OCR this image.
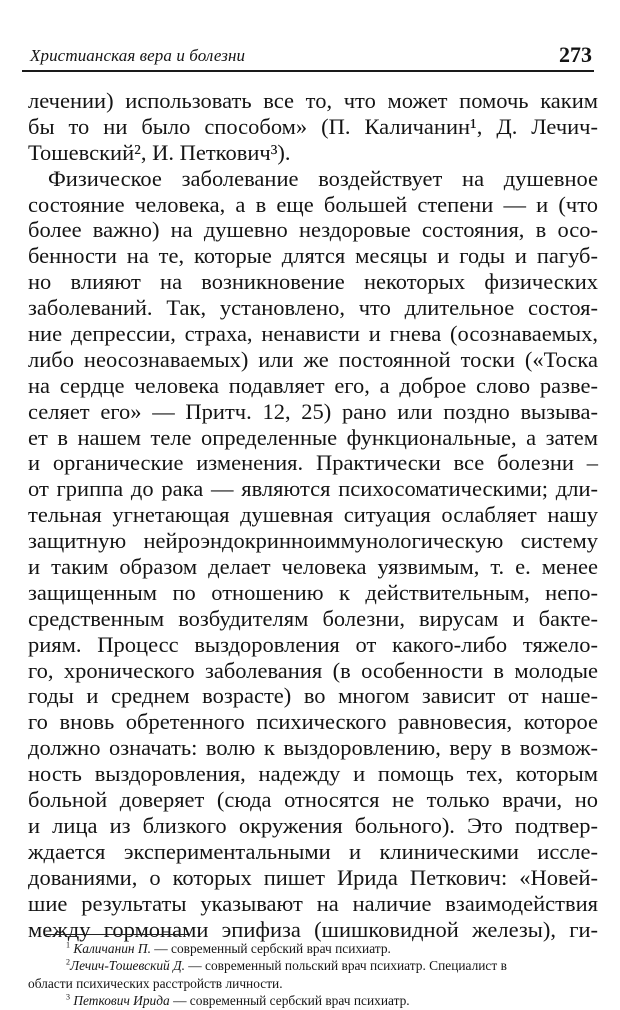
Христианская вера и болезни	273
лечении) использовать все то, что может помочь каким
бы то ни было способом» (П. Каличанин¹, Д. Лечич-
Тошевский², И. Петкович³).
Физическое заболевание воздействует на душевное
состояние человека, а в еще большей степени — и (что
более важно) на душевно нездоровые состояния, в осо-
бенности на те, которые длятся месяцы и годы и пагуб-
но влияют на возникновение некоторых физических
заболеваний. Так, установлено, что длительное состоя-
ние депрессии, страха, ненависти и гнева (осознаваемых,
либо неосознаваемых) или же постоянной тоски («Тоска
на сердце человека подавляет его, а доброе слово разве-
селяет его» — Притч. 12, 25) рано или поздно вызыва-
ет в нашем теле определенные функциональные, а затем
и органические изменения. Практически все болезни –
от гриппа до рака — являются психосоматическими; дли-
тельная угнетающая душевная ситуация ослабляет нашу
защитную нейроэндокринноиммунологическую систему
и таким образом делает человека уязвимым, т. е. менее
защищенным по отношению к действительным, непо-
средственным возбудителям болезни, вирусам и бакте-
риям. Процесс выздоровления от какого-либо тяжело-
го, хронического заболевания (в особенности в молодые
годы и среднем возрасте) во многом зависит от наше-
го вновь обретенного психического равновесия, которое
должно означать: волю к выздоровлению, веру в возмож-
ность выздоровления, надежду и помощь тех, которым
больной доверяет (сюда относятся не только врачи, но
и лица из близкого окружения больного). Это подтвер-
ждается экспериментальными и клиническими иссле-
дованиями, о которых пишет Ирида Петкович: «Новей-
шие результаты указывают на наличие взаимодействия
между гормонами эпифиза (шишковидной железы), ги-
$^1$ Каличанин П. — современный сербский врач психиатр.
$^2$Лечич-Тошевский Д. — современный польский врач психиатр. Специалист в
области психических расстройств личности.
$^3$ Петкович Ирида — современный сербский врач психиатр.
